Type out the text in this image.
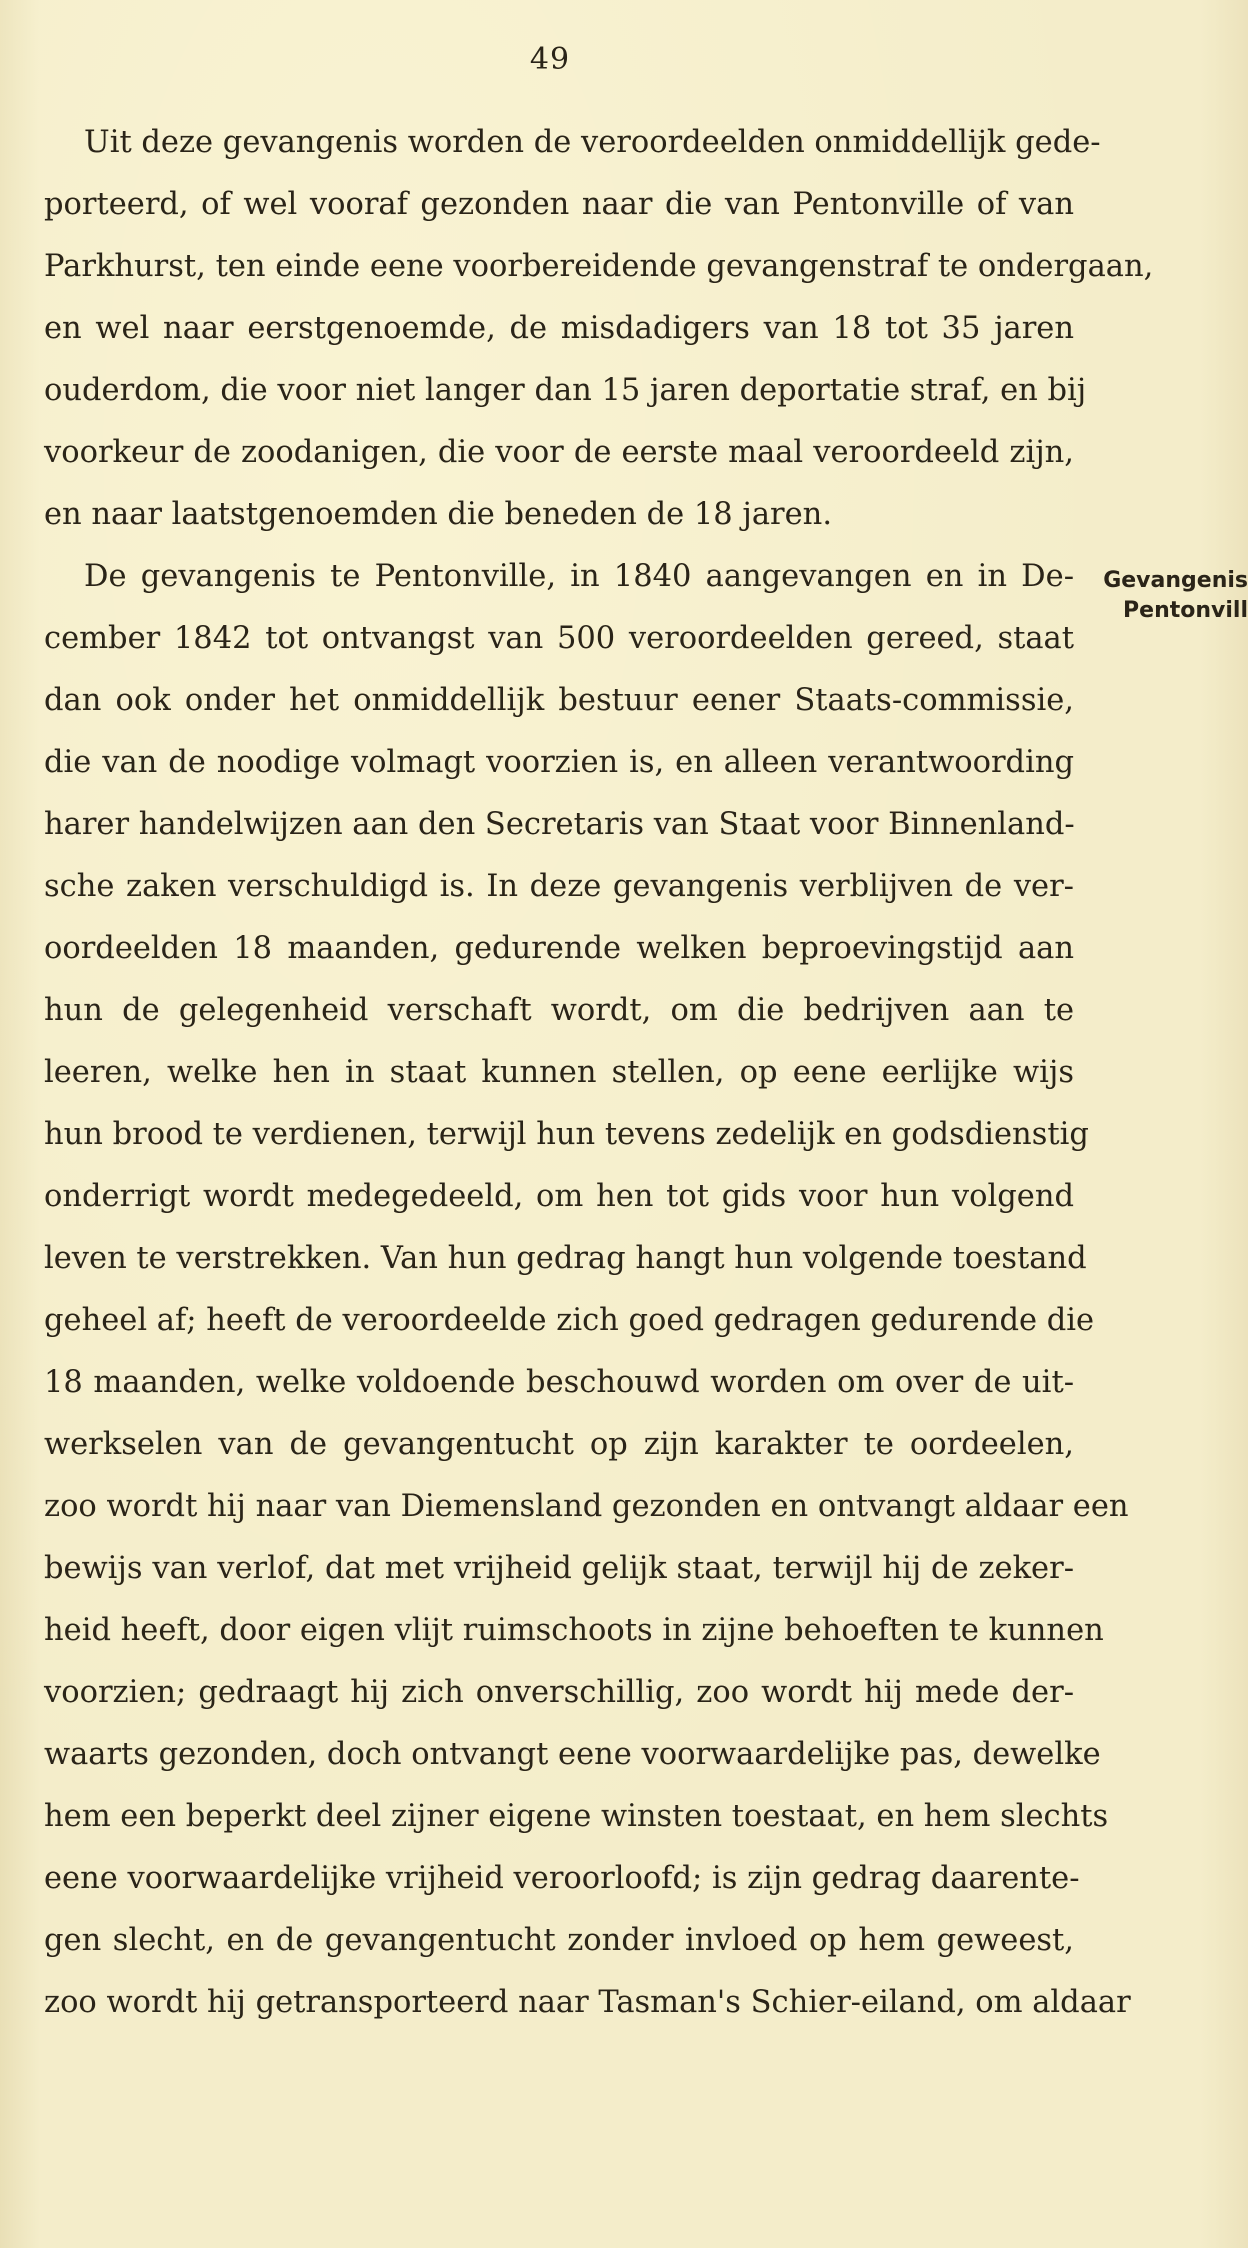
49
Uit deze gevangenis worden de veroordeelden onmiddellijk gede-
porteerd, of wel vooraf gezonden naar die van Pentonville of van
Parkhurst, ten einde eene voorbereidende gevangenstraf te ondergaan,
en wel naar eerstgenoemde, de misdadigers van 18 tot 35 jaren
ouderdom, die voor niet langer dan 15 jaren deportatie straf, en bij
voorkeur de zoodanigen, die voor de eerste maal veroordeeld zijn,
en naar laatstgenoemden die beneden de 18 jaren.
De gevangenis te Pentonville, in 1840 aangevangen en in De-
cember 1842 tot ontvangst van 500 veroordeelden gereed, staat
dan ook onder het onmiddellijk bestuur eener Staats-commissie,
die van de noodige volmagt voorzien is, en alleen verantwoording
harer handelwijzen aan den Secretaris van Staat voor Binnenland-
sche zaken verschuldigd is. In deze gevangenis verblijven de ver-
oordeelden 18 maanden, gedurende welken beproevingstijd aan
hun de gelegenheid verschaft wordt, om die bedrijven aan te
leeren, welke hen in staat kunnen stellen, op eene eerlijke wijs
hun brood te verdienen, terwijl hun tevens zedelijk en godsdienstig
onderrigt wordt medegedeeld, om hen tot gids voor hun volgend
leven te verstrekken. Van hun gedrag hangt hun volgende toestand
geheel af; heeft de veroordeelde zich goed gedragen gedurende die
18 maanden, welke voldoende beschouwd worden om over de uit-
werkselen van de gevangentucht op zijn karakter te oordeelen,
zoo wordt hij naar van Diemensland gezonden en ontvangt aldaar een
bewijs van verlof, dat met vrijheid gelijk staat, terwijl hij de zeker-
heid heeft, door eigen vlijt ruimschoots in zijne behoeften te kunnen
voorzien; gedraagt hij zich onverschillig, zoo wordt hij mede der-
waarts gezonden, doch ontvangt eene voorwaardelijke pas, dewelke
hem een beperkt deel zijner eigene winsten toestaat, en hem slechts
eene voorwaardelijke vrijheid veroorloofd; is zijn gedrag daarente-
gen slecht, en de gevangentucht zonder invloed op hem geweest,
zoo wordt hij getransporteerd naar Tasman's Schier-eiland, om aldaar
Gevangenis
Pentonvill
